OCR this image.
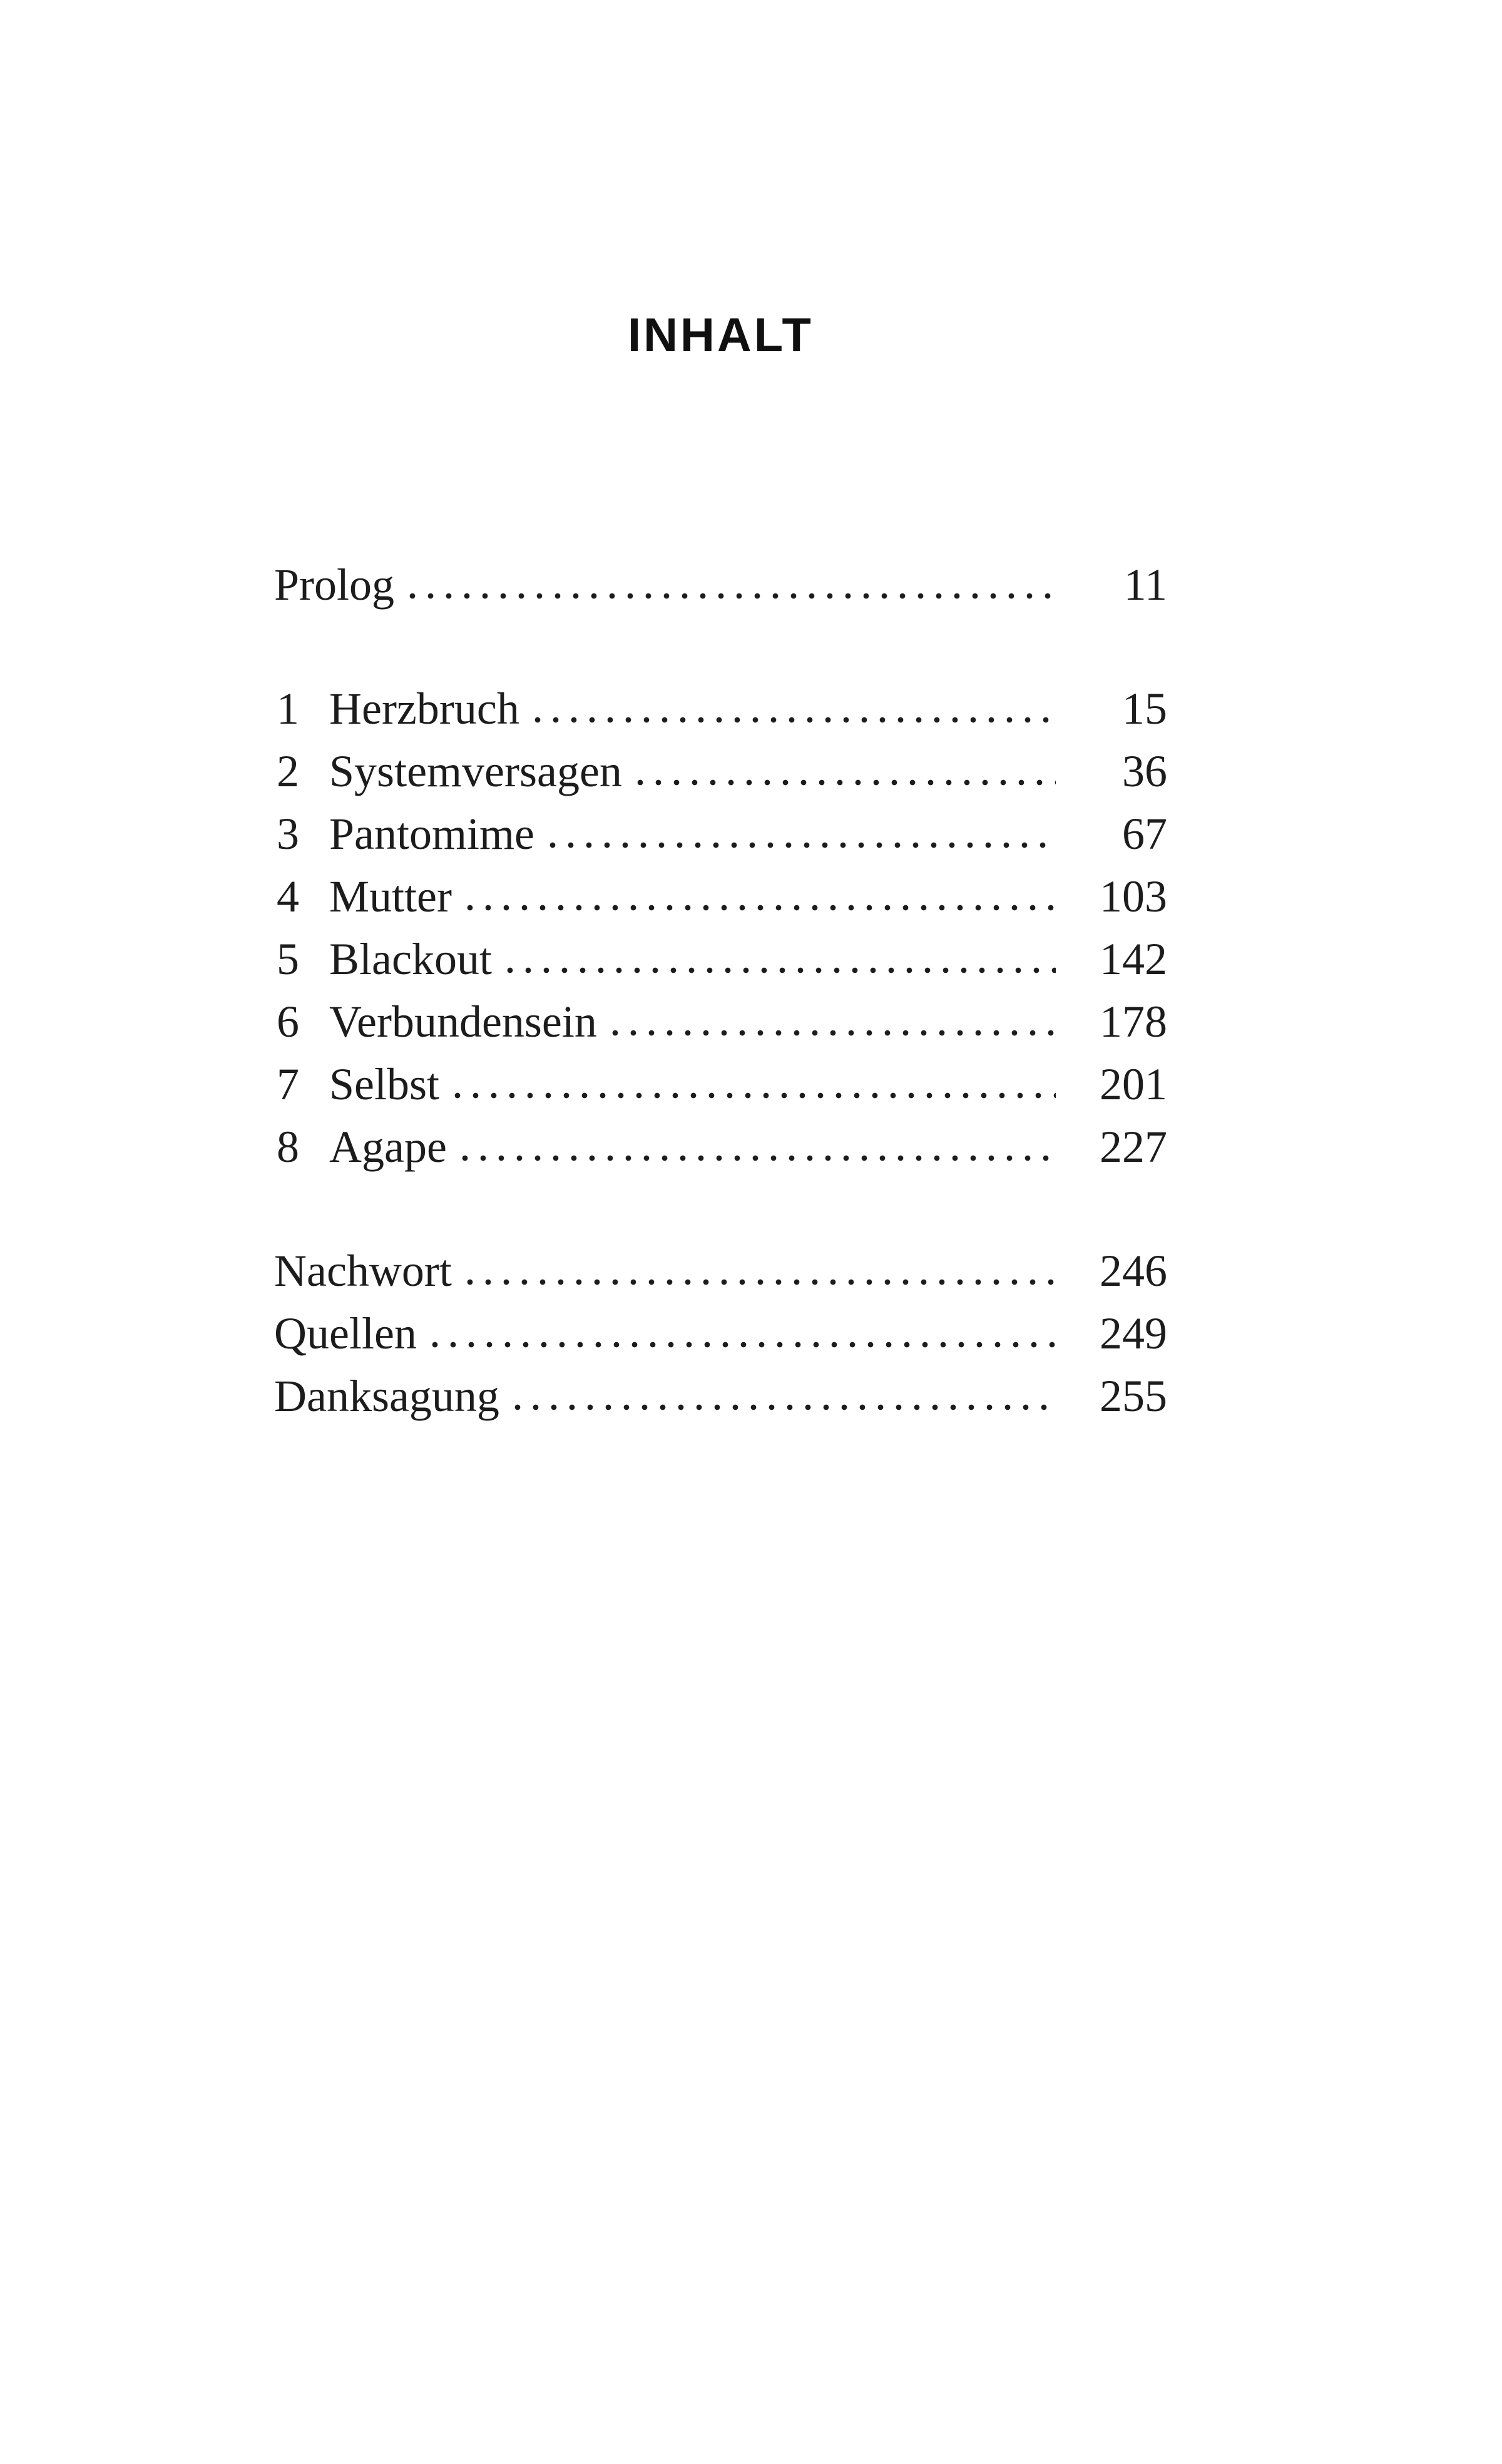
INHALT
Prolog	11
1 Herzbruch	15
2 Systemversagen	36
3 Pantomime	67
4 Mutter	103
5 Blackout	142
6 Verbundensein	178
7 Selbst	201
8 Agape	227
Nachwort	246
Quellen	249
Danksagung	255
